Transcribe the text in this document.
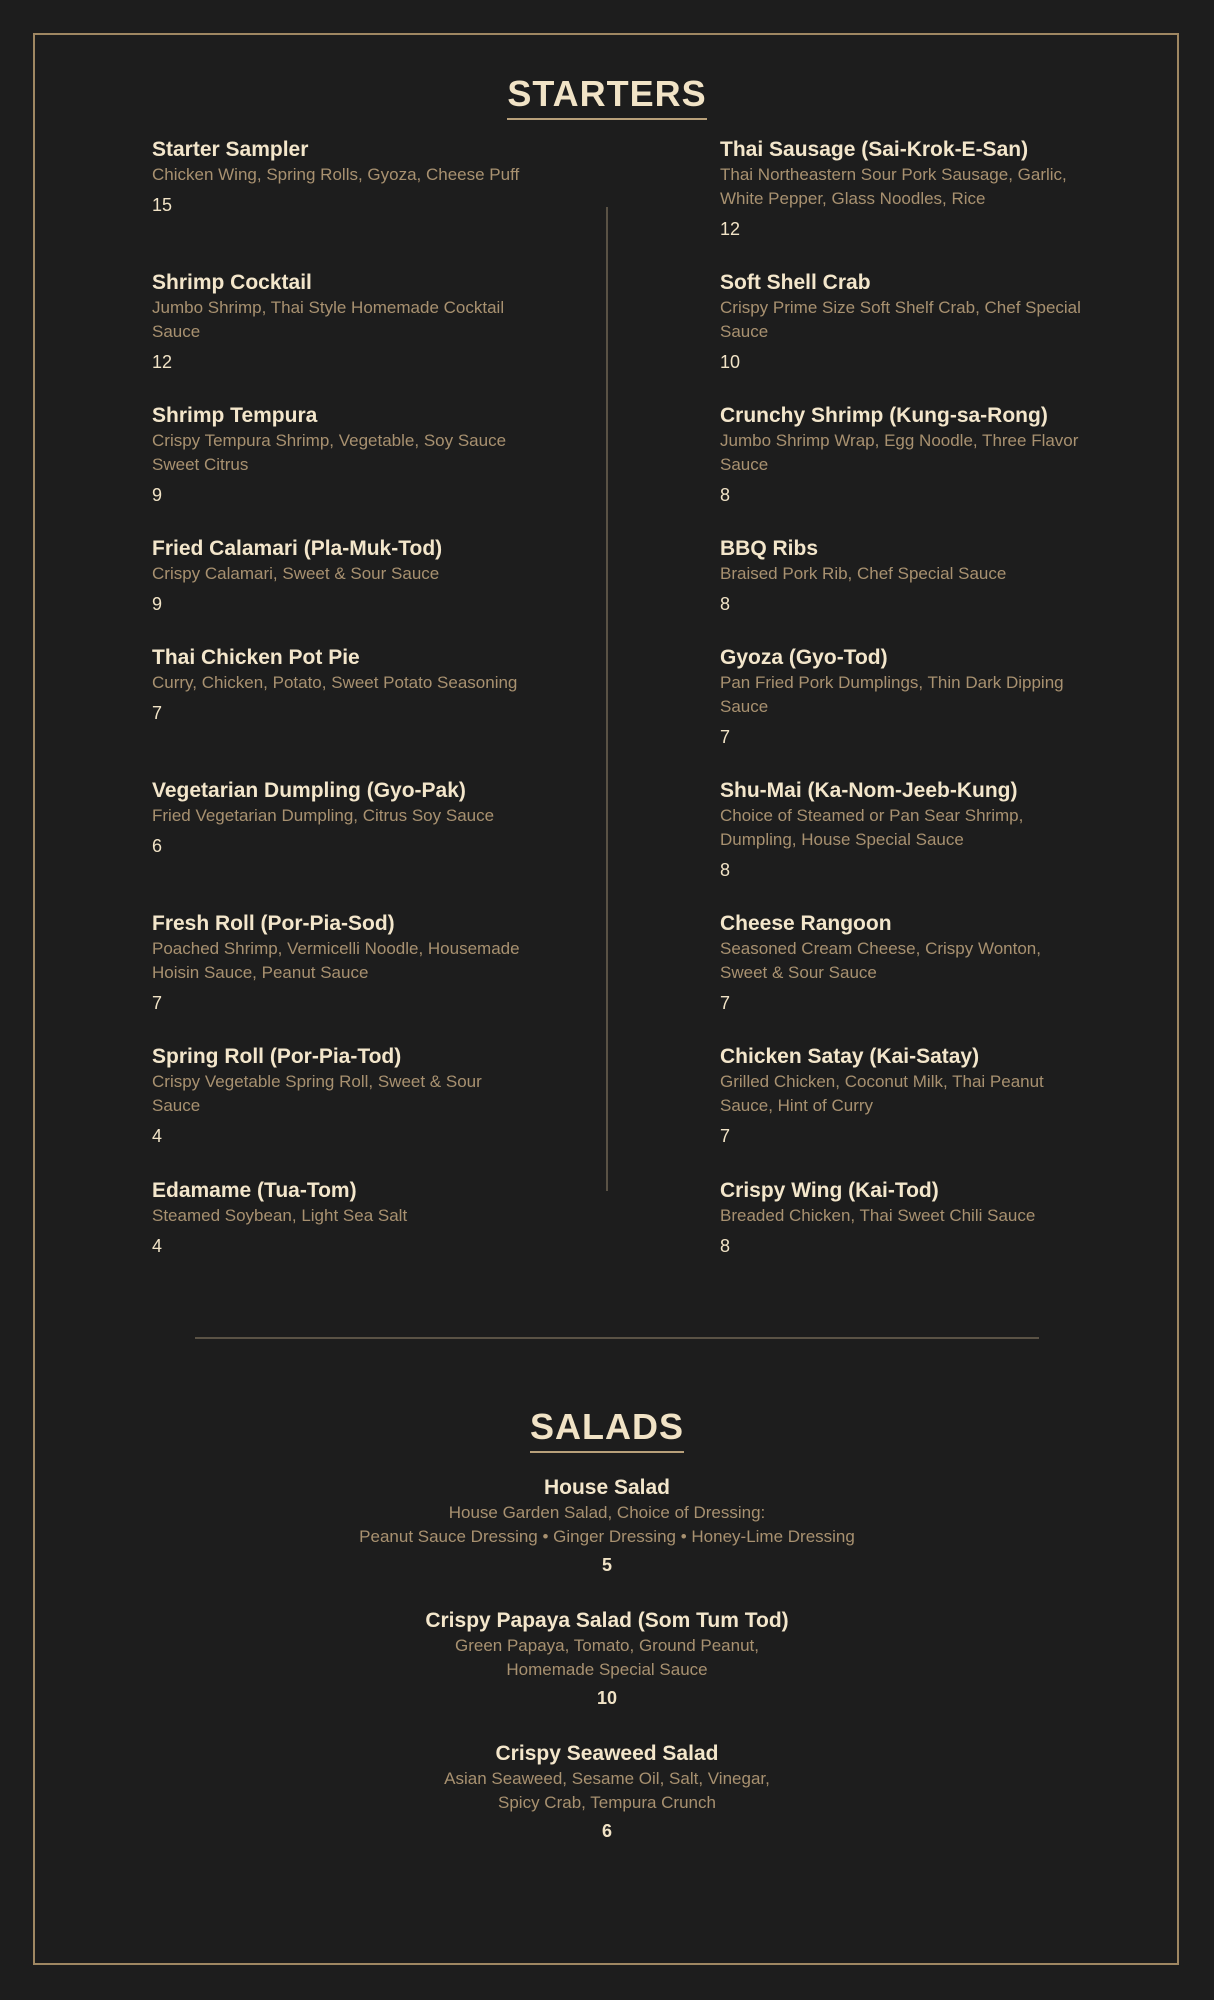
STARTERS
Starter Sampler
Chicken Wing, Spring Rolls, Gyoza, Cheese Puff
15
Shrimp Cocktail
Jumbo Shrimp, Thai Style Homemade Cocktail Sauce
12
Shrimp Tempura
Crispy Tempura Shrimp, Vegetable, Soy Sauce Sweet Citrus
9
Fried Calamari (Pla-Muk-Tod)
Crispy Calamari, Sweet & Sour Sauce
9
Thai Chicken Pot Pie
Curry, Chicken, Potato, Sweet Potato Seasoning
7
Vegetarian Dumpling (Gyo-Pak)
Fried Vegetarian Dumpling, Citrus Soy Sauce
6
Fresh Roll (Por-Pia-Sod)
Poached Shrimp, Vermicelli Noodle, Housemade Hoisin Sauce, Peanut Sauce
7
Spring Roll (Por-Pia-Tod)
Crispy Vegetable Spring Roll, Sweet & Sour Sauce
4
Edamame (Tua-Tom)
Steamed Soybean, Light Sea Salt
4
Thai Sausage (Sai-Krok-E-San)
Thai Northeastern Sour Pork Sausage, Garlic, White Pepper, Glass Noodles, Rice
12
Soft Shell Crab
Crispy Prime Size Soft Shelf Crab, Chef Special Sauce
10
Crunchy Shrimp (Kung-sa-Rong)
Jumbo Shrimp Wrap, Egg Noodle, Three Flavor Sauce
8
BBQ Ribs
Braised Pork Rib, Chef Special Sauce
8
Gyoza (Gyo-Tod)
Pan Fried Pork Dumplings, Thin Dark Dipping Sauce
7
Shu-Mai (Ka-Nom-Jeeb-Kung)
Choice of Steamed or Pan Sear Shrimp, Dumpling, House Special Sauce
8
Cheese Rangoon
Seasoned Cream Cheese, Crispy Wonton, Sweet & Sour Sauce
7
Chicken Satay (Kai-Satay)
Grilled Chicken, Coconut Milk, Thai Peanut Sauce, Hint of Curry
7
Crispy Wing (Kai-Tod)
Breaded Chicken, Thai Sweet Chili Sauce
8
SALADS
House Salad
House Garden Salad, Choice of Dressing:
Peanut Sauce Dressing • Ginger Dressing • Honey-Lime Dressing
5
Crispy Papaya Salad (Som Tum Tod)
Green Papaya, Tomato, Ground Peanut,
Homemade Special Sauce
10
Crispy Seaweed Salad
Asian Seaweed, Sesame Oil, Salt, Vinegar,
Spicy Crab, Tempura Crunch
6
